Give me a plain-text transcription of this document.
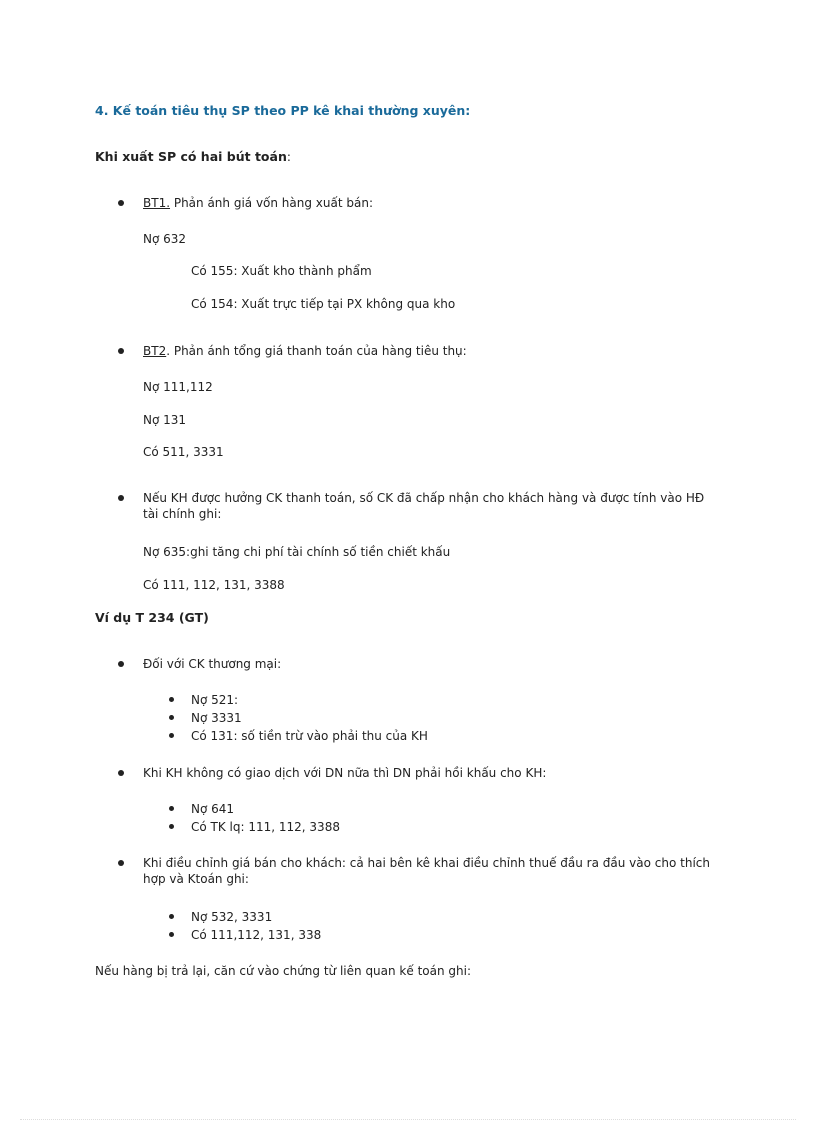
4. Kế toán tiêu thụ SP theo PP kê khai thường xuyên:
Khi xuất SP có hai bút toán:
BT1. Phản ánh giá vốn hàng xuất bán:
Nợ 632
Có 155: Xuất kho thành phẩm
Có 154: Xuất trực tiếp tại PX không qua kho
BT2. Phản ánh tổng giá thanh toán của hàng tiêu thụ:
Nợ 111,112
Nợ 131
Có 511, 3331
Nếu KH được hưởng CK thanh toán, số CK đã chấp nhận cho khách hàng và được tính vào HĐ tài chính ghi:
Nợ 635:ghi tăng chi phí tài chính số tiền chiết khấu
Có 111, 112, 131, 3388
Ví dụ T 234 (GT)
Đối với CK thương mại:
Nợ 521:
Nợ 3331
Có 131: số tiền trừ vào phải thu của KH
Khi KH không có giao dịch với DN nữa thì DN phải hồi khấu cho KH:
Nợ 641
Có TK lq: 111, 112, 3388
Khi điều chỉnh giá bán cho khách: cả hai bên kê khai điều chỉnh thuế đầu ra đầu vào cho thích hợp và Ktoán ghi:
Nợ 532, 3331
Có 111,112, 131, 338
Nếu hàng bị trả lại, căn cứ vào chứng từ liên quan kế toán ghi:
